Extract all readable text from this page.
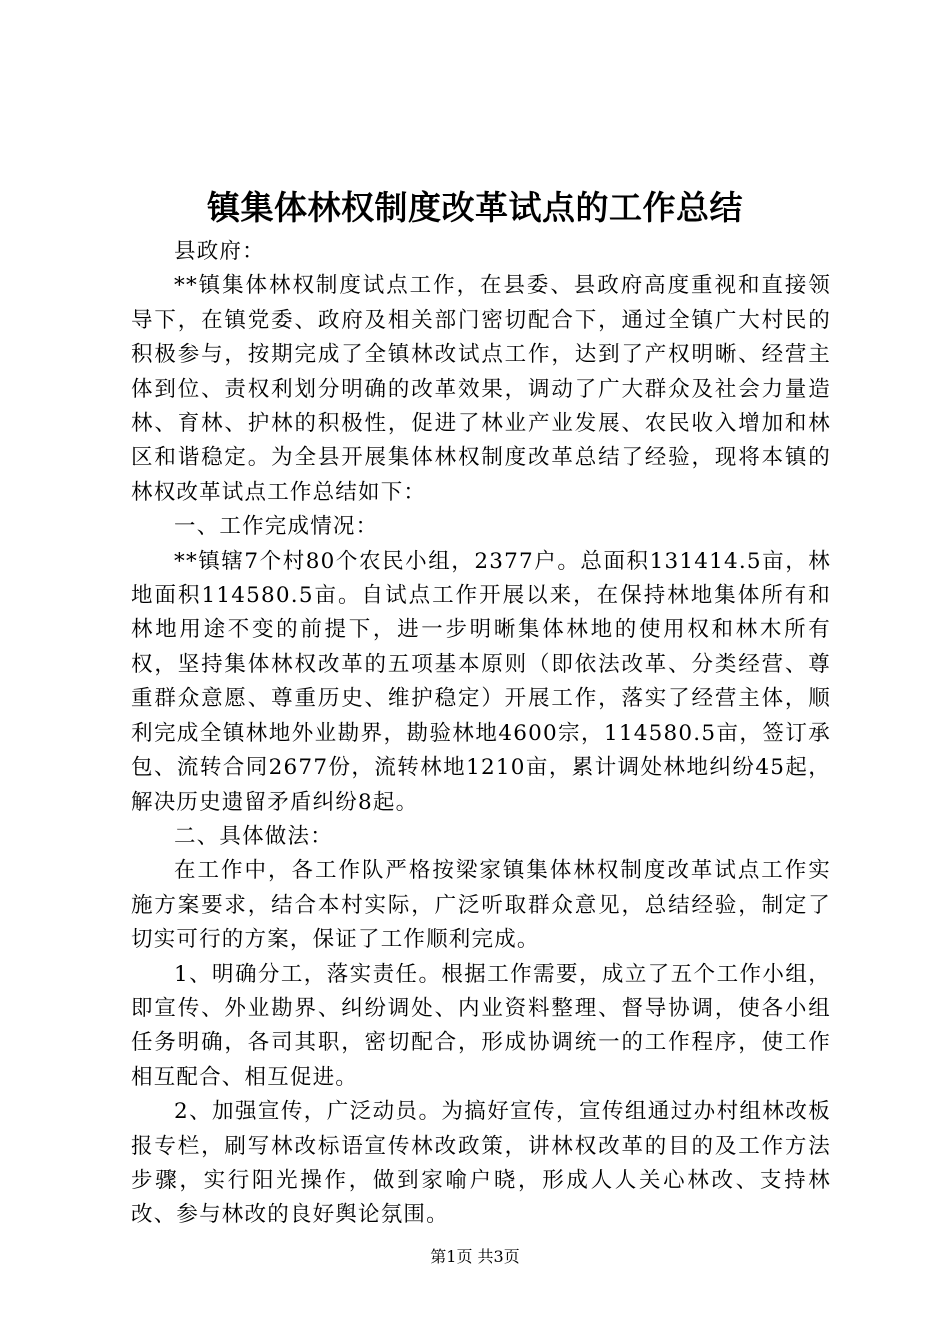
镇集体林权制度改革试点的工作总结

县政府：

**镇集体林权制度试点工作，在县委、县政府高度重视和直接领导下，在镇党委、政府及相关部门密切配合下，通过全镇广大村民的积极参与，按期完成了全镇林改试点工作，达到了产权明晰、经营主体到位、责权利划分明确的改革效果，调动了广大群众及社会力量造林、育林、护林的积极性，促进了林业产业发展、农民收入增加和林区和谐稳定。为全县开展集体林权制度改革总结了经验，现将本镇的林权改革试点工作总结如下：

一、工作完成情况：

**镇辖7个村80个农民小组，2377户。总面积131414.5亩，林地面积114580.5亩。自试点工作开展以来，在保持林地集体所有和林地用途不变的前提下，进一步明晰集体林地的使用权和林木所有权，坚持集体林权改革的五项基本原则（即依法改革、分类经营、尊重群众意愿、尊重历史、维护稳定）开展工作，落实了经营主体，顺利完成全镇林地外业勘界，勘验林地4600宗，114580.5亩，签订承包、流转合同2677份，流转林地1210亩，累计调处林地纠纷45起，解决历史遗留矛盾纠纷8起。

二、具体做法：

在工作中，各工作队严格按梁家镇集体林权制度改革试点工作实施方案要求，结合本村实际，广泛听取群众意见，总结经验，制定了切实可行的方案，保证了工作顺利完成。

1、明确分工，落实责任。根据工作需要，成立了五个工作小组，即宣传、外业勘界、纠纷调处、内业资料整理、督导协调，使各小组任务明确，各司其职，密切配合，形成协调统一的工作程序，使工作相互配合、相互促进。

2、加强宣传，广泛动员。为搞好宣传，宣传组通过办村组林改板报专栏，刷写林改标语宣传林改政策，讲林权改革的目的及工作方法步骤，实行阳光操作，做到家喻户晓，形成人人关心林改、支持林改、参与林改的良好舆论氛围。

第1页 共3页
